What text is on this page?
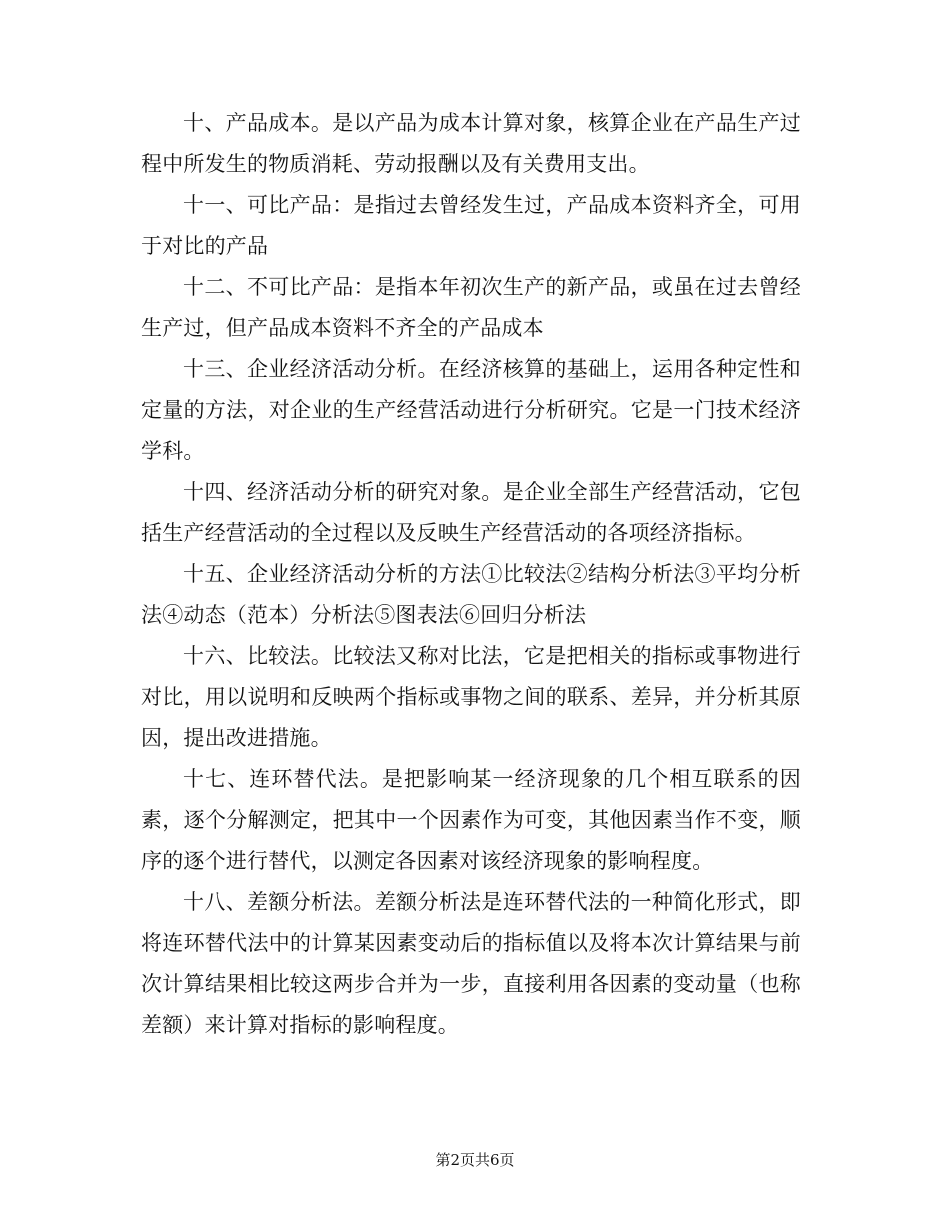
十、产品成本。是以产品为成本计算对象，核算企业在产品生产过程中所发生的物质消耗、劳动报酬以及有关费用支出。

十一、可比产品：是指过去曾经发生过，产品成本资料齐全，可用于对比的产品

十二、不可比产品：是指本年初次生产的新产品，或虽在过去曾经生产过，但产品成本资料不齐全的产品成本

十三、企业经济活动分析。在经济核算的基础上，运用各种定性和定量的方法，对企业的生产经营活动进行分析研究。它是一门技术经济学科。

十四、经济活动分析的研究对象。是企业全部生产经营活动，它包括生产经营活动的全过程以及反映生产经营活动的各项经济指标。

十五、企业经济活动分析的方法①比较法②结构分析法③平均分析法④动态（范本）分析法⑤图表法⑥回归分析法

十六、比较法。比较法又称对比法，它是把相关的指标或事物进行对比，用以说明和反映两个指标或事物之间的联系、差异，并分析其原因，提出改进措施。

十七、连环替代法。是把影响某一经济现象的几个相互联系的因素，逐个分解测定，把其中一个因素作为可变，其他因素当作不变，顺序的逐个进行替代，以测定各因素对该经济现象的影响程度。

十八、差额分析法。差额分析法是连环替代法的一种简化形式，即将连环替代法中的计算某因素变动后的指标值以及将本次计算结果与前次计算结果相比较这两步合并为一步，直接利用各因素的变动量（也称差额）来计算对指标的影响程度。

第2页共6页
